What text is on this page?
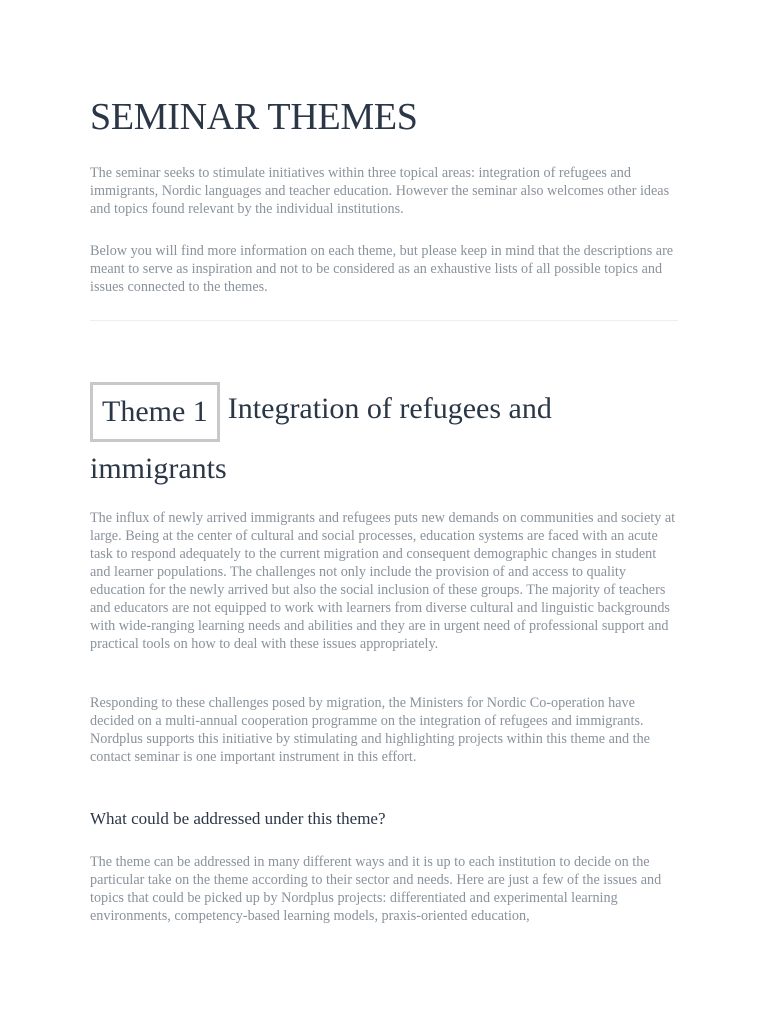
SEMINAR THEMES

The seminar seeks to stimulate initiatives within three topical areas: integration of refugees and immigrants, Nordic languages and teacher education. However the seminar also welcomes other ideas and topics found relevant by the individual institutions.

Below you will find more information on each theme, but please keep in mind that the descriptions are meant to serve as inspiration and not to be considered as an exhaustive lists of all possible topics and issues connected to the themes.

Theme 1 Integration of refugees and immigrants

The influx of newly arrived immigrants and refugees puts new demands on communities and society at large. Being at the center of cultural and social processes, education systems are faced with an acute task to respond adequately to the current migration and consequent demographic changes in student and learner populations. The challenges not only include the provision of and access to quality education for the newly arrived but also the social inclusion of these groups. The majority of teachers and educators are not equipped to work with learners from diverse cultural and linguistic backgrounds with wide-ranging learning needs and abilities and they are in urgent need of professional support and practical tools on how to deal with these issues appropriately.

Responding to these challenges posed by migration, the Ministers for Nordic Co-operation have decided on a multi-annual cooperation programme on the integration of refugees and immigrants. Nordplus supports this initiative by stimulating and highlighting projects within this theme and the contact seminar is one important instrument in this effort.

What could be addressed under this theme?

The theme can be addressed in many different ways and it is up to each institution to decide on the particular take on the theme according to their sector and needs. Here are just a few of the issues and topics that could be picked up by Nordplus projects: differentiated and experimental learning environments, competency-based learning models, praxis-oriented education,
